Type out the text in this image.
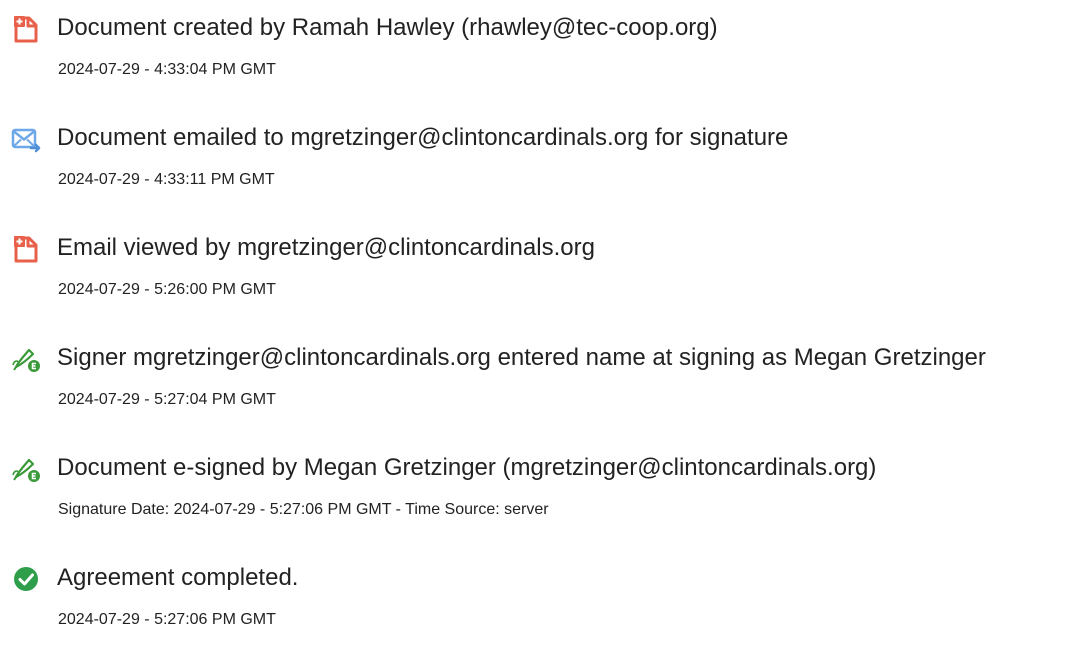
Document created by Ramah Hawley (rhawley@tec-coop.org)
2024-07-29 - 4:33:04 PM GMT
Document emailed to mgretzinger@clintoncardinals.org for signature
2024-07-29 - 4:33:11 PM GMT
Email viewed by mgretzinger@clintoncardinals.org
2024-07-29 - 5:26:00 PM GMT
Signer mgretzinger@clintoncardinals.org entered name at signing as Megan Gretzinger
2024-07-29 - 5:27:04 PM GMT
Document e-signed by Megan Gretzinger (mgretzinger@clintoncardinals.org)
Signature Date: 2024-07-29 - 5:27:06 PM GMT - Time Source: server
Agreement completed.
2024-07-29 - 5:27:06 PM GMT
